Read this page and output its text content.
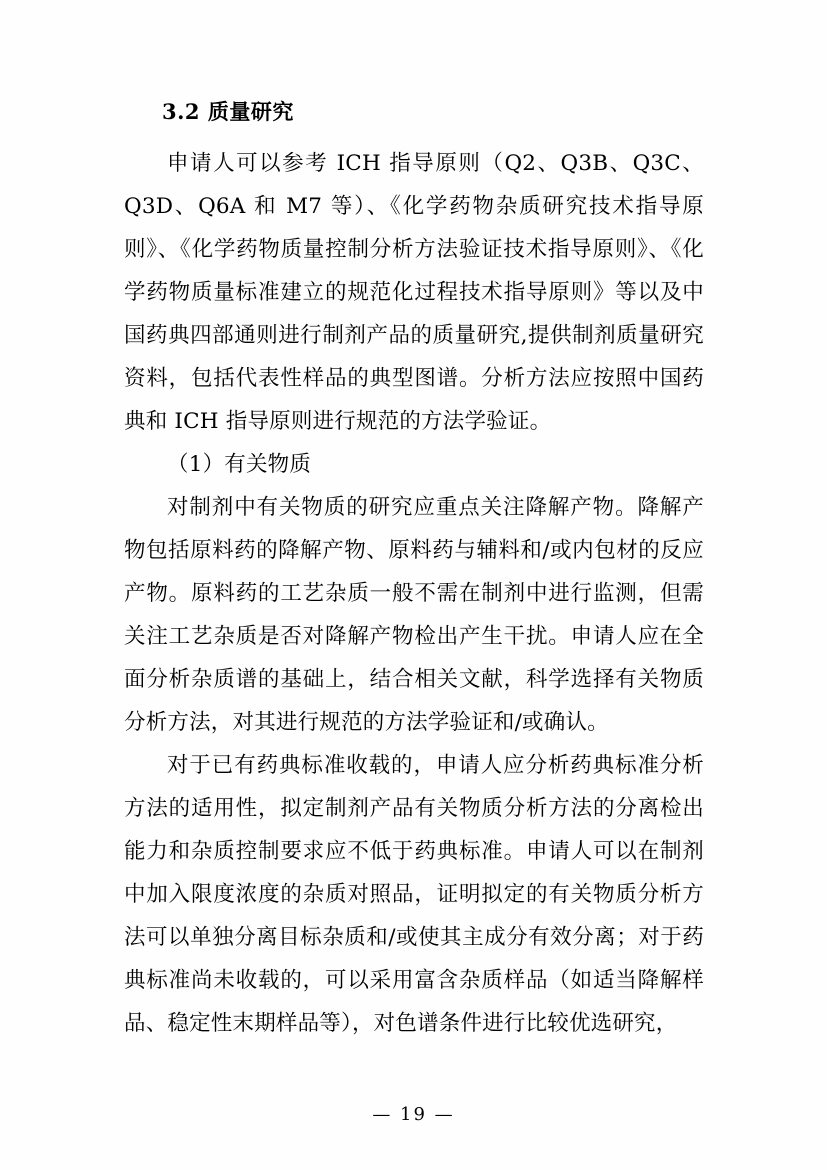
3.2 质量研究

申请人可以参考 ICH 指导原则（Q2、Q3B、Q3C、Q3D、Q6A 和 M7 等）、《化学药物杂质研究技术指导原则》、《化学药物质量控制分析方法验证技术指导原则》、《化学药物质量标准建立的规范化过程技术指导原则》等以及中国药典四部通则进行制剂产品的质量研究,提供制剂质量研究资料，包括代表性样品的典型图谱。分析方法应按照中国药典和 ICH 指导原则进行规范的方法学验证。

（1）有关物质

对制剂中有关物质的研究应重点关注降解产物。降解产物包括原料药的降解产物、原料药与辅料和/或内包材的反应产物。原料药的工艺杂质一般不需在制剂中进行监测，但需关注工艺杂质是否对降解产物检出产生干扰。申请人应在全面分析杂质谱的基础上，结合相关文献，科学选择有关物质分析方法，对其进行规范的方法学验证和/或确认。

对于已有药典标准收载的，申请人应分析药典标准分析方法的适用性，拟定制剂产品有关物质分析方法的分离检出能力和杂质控制要求应不低于药典标准。申请人可以在制剂中加入限度浓度的杂质对照品，证明拟定的有关物质分析方法可以单独分离目标杂质和/或使其主成分有效分离；对于药典标准尚未收载的，可以采用富含杂质样品（如适当降解样品、稳定性末期样品等），对色谱条件进行比较优选研究，

— 19 —
